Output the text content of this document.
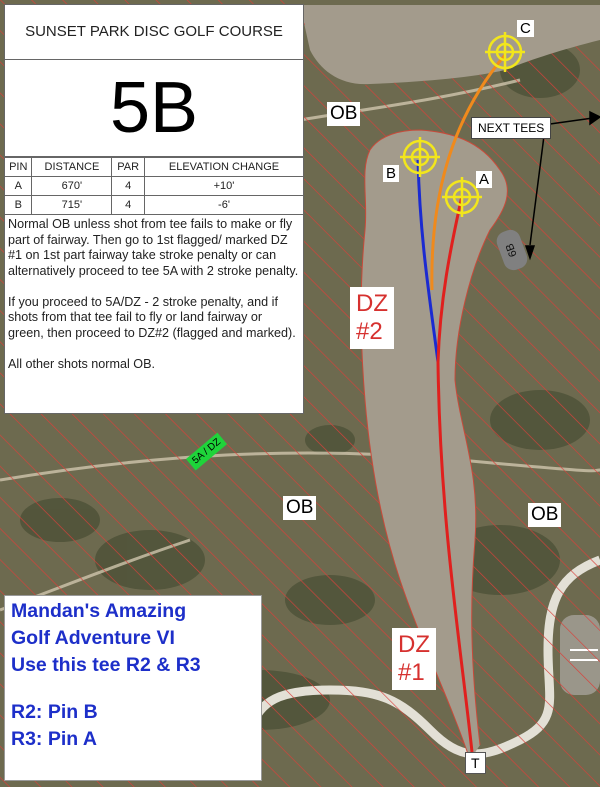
SUNSET PARK DISC GOLF COURSE
5B
PIN	DISTANCE	PAR	ELEVATION CHANGE
A	670'	4	+10'
B	715'	4	-6'

Normal OB unless shot from tee fails to make or fly part of fairway. Then go to 1st flagged/ marked DZ #1 on 1st part fairway take stroke penalty or can alternatively proceed to tee 5A with 2 stroke penalty.

If you proceed to 5A/DZ - 2 stroke penalty, and if shots from that tee fail to fly or land fairway or green, then proceed to DZ#2 (flagged and marked).

All other shots normal OB.

OB
OB	OB
DZ
#2
DZ
#1
B	A
C
NEXT TEES
6B
5A / DZ
T
Mandan's Amazing
Golf Adventure VI
Use this tee R2 & R3
R2: Pin B
R3: Pin A
